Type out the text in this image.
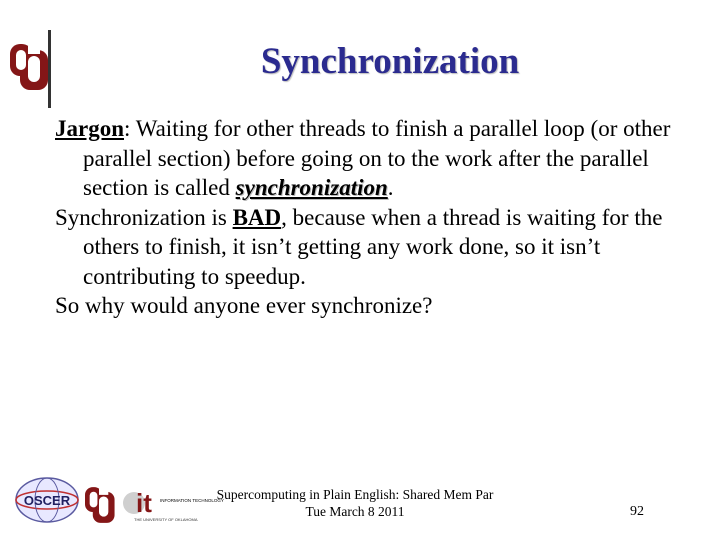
Synchronization

Jargon: Waiting for other threads to finish a parallel loop (or other parallel section) before going on to the work after the parallel section is called synchronization.

Synchronization is BAD, because when a thread is waiting for the others to finish, it isn’t getting any work done, so it isn’t contributing to speedup.

So why would anyone ever synchronize?

OSCER	it INFORMATION TECHNOLOGY
THE UNIVERSITY OF OKLAHOMA
Supercomputing in Plain English: Shared Mem Par
Tue March 8 2011	92
